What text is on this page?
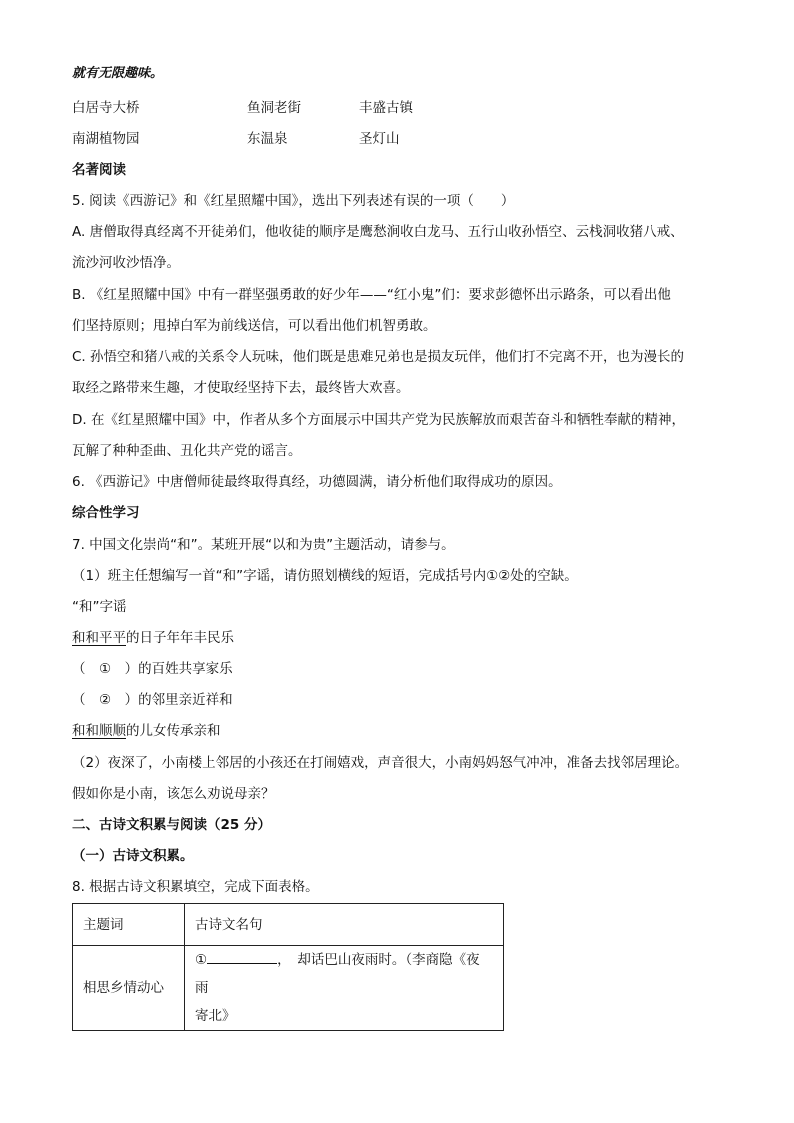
就有无限趣味。
白居寺大桥	鱼洞老街	丰盛古镇
南湖植物园	东温泉	圣灯山
名著阅读
5. 阅读《西游记》和《红星照耀中国》，选出下列表述有误的一项（　　）
A. 唐僧取得真经离不开徒弟们，他收徒的顺序是鹰愁涧收白龙马、五行山收孙悟空、云栈洞收猪八戒、
流沙河收沙悟净。
B. 《红星照耀中国》中有一群坚强勇敢的好少年——“红小鬼”们：要求彭德怀出示路条，可以看出他
们坚持原则；甩掉白军为前线送信，可以看出他们机智勇敢。
C. 孙悟空和猪八戒的关系令人玩味，他们既是患难兄弟也是损友玩伴，他们打不完离不开，也为漫长的
取经之路带来生趣，才使取经坚持下去，最终皆大欢喜。
D. 在《红星照耀中国》中，作者从多个方面展示中国共产党为民族解放而艰苦奋斗和牺牲奉献的精神，
瓦解了种种歪曲、丑化共产党的谣言。
6. 《西游记》中唐僧师徒最终取得真经，功德圆满，请分析他们取得成功的原因。
综合性学习
7. 中国文化崇尚“和”。某班开展“以和为贵”主题活动，请参与。
（1）班主任想编写一首“和”字谣，请仿照划横线的短语，完成括号内①②处的空缺。
“和”字谣
和和平平的日子年年丰民乐
（　①　）的百姓共享家乐
（　②　）的邻里亲近祥和
和和顺顺的儿女传承亲和
（2）夜深了，小南楼上邻居的小孩还在打闹嬉戏，声音很大，小南妈妈怒气冲冲，准备去找邻居理论。
假如你是小南，该怎么劝说母亲？
二、古诗文积累与阅读（25 分）
（一）古诗文积累。
8. 根据古诗文积累填空，完成下面表格。
主题词	古诗文名句
相思乡情动心	① ，　却话巴山夜雨时。（李商隐《夜雨
寄北》
